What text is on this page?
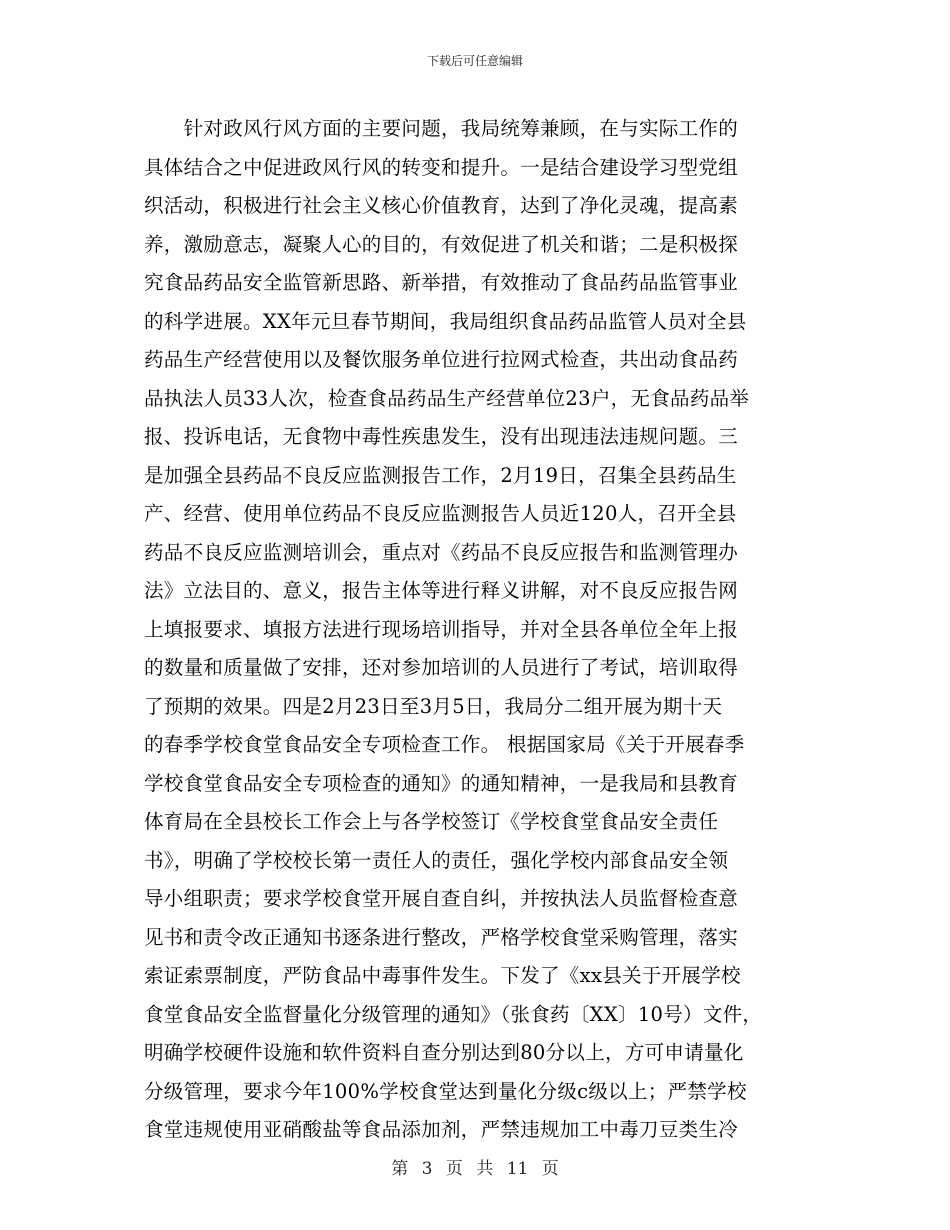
下载后可任意编辑
　　针对政风行风方面的主要问题，我局统筹兼顾，在与实际工作的
具体结合之中促进政风行风的转变和提升。一是结合建设学习型党组
织活动，积极进行社会主义核心价值教育，达到了净化灵魂，提高素
养，激励意志，凝聚人心的目的，有效促进了机关和谐；二是积极探
究食品药品安全监管新思路、新举措，有效推动了食品药品监管事业
的科学进展。XX年元旦春节期间，我局组织食品药品监管人员对全县
药品生产经营使用以及餐饮服务单位进行拉网式检查，共出动食品药
品执法人员33人次，检查食品药品生产经营单位23户，无食品药品举
报、投诉电话，无食物中毒性疾患发生，没有出现违法违规问题。三
是加强全县药品不良反应监测报告工作，2月19日，召集全县药品生
产、经营、使用单位药品不良反应监测报告人员近120人，召开全县
药品不良反应监测培训会，重点对《药品不良反应报告和监测管理办
法》立法目的、意义，报告主体等进行释义讲解，对不良反应报告网
上填报要求、填报方法进行现场培训指导，并对全县各单位全年上报
的数量和质量做了安排，还对参加培训的人员进行了考试，培训取得
了预期的效果。四是2月23日至3月5日，我局分二组开展为期十天
的春季学校食堂食品安全专项检查工作。 根据国家局《关于开展春季
学校食堂食品安全专项检查的通知》的通知精神，一是我局和县教育
体育局在全县校长工作会上与各学校签订《学校食堂食品安全责任
书》，明确了学校校长第一责任人的责任，强化学校内部食品安全领
导小组职责；要求学校食堂开展自查自纠，并按执法人员监督检查意
见书和责令改正通知书逐条进行整改，严格学校食堂采购管理，落实
索证索票制度，严防食品中毒事件发生。下发了《xx县关于开展学校
食堂食品安全监督量化分级管理的通知》（张食药〔XX〕10号）文件，
明确学校硬件设施和软件资料自查分别达到80分以上，方可申请量化
分级管理，要求今年100%学校食堂达到量化分级c级以上；严禁学校
食堂违规使用亚硝酸盐等食品添加剂，严禁违规加工中毒刀豆类生冷
第 3 页 共 11 页
